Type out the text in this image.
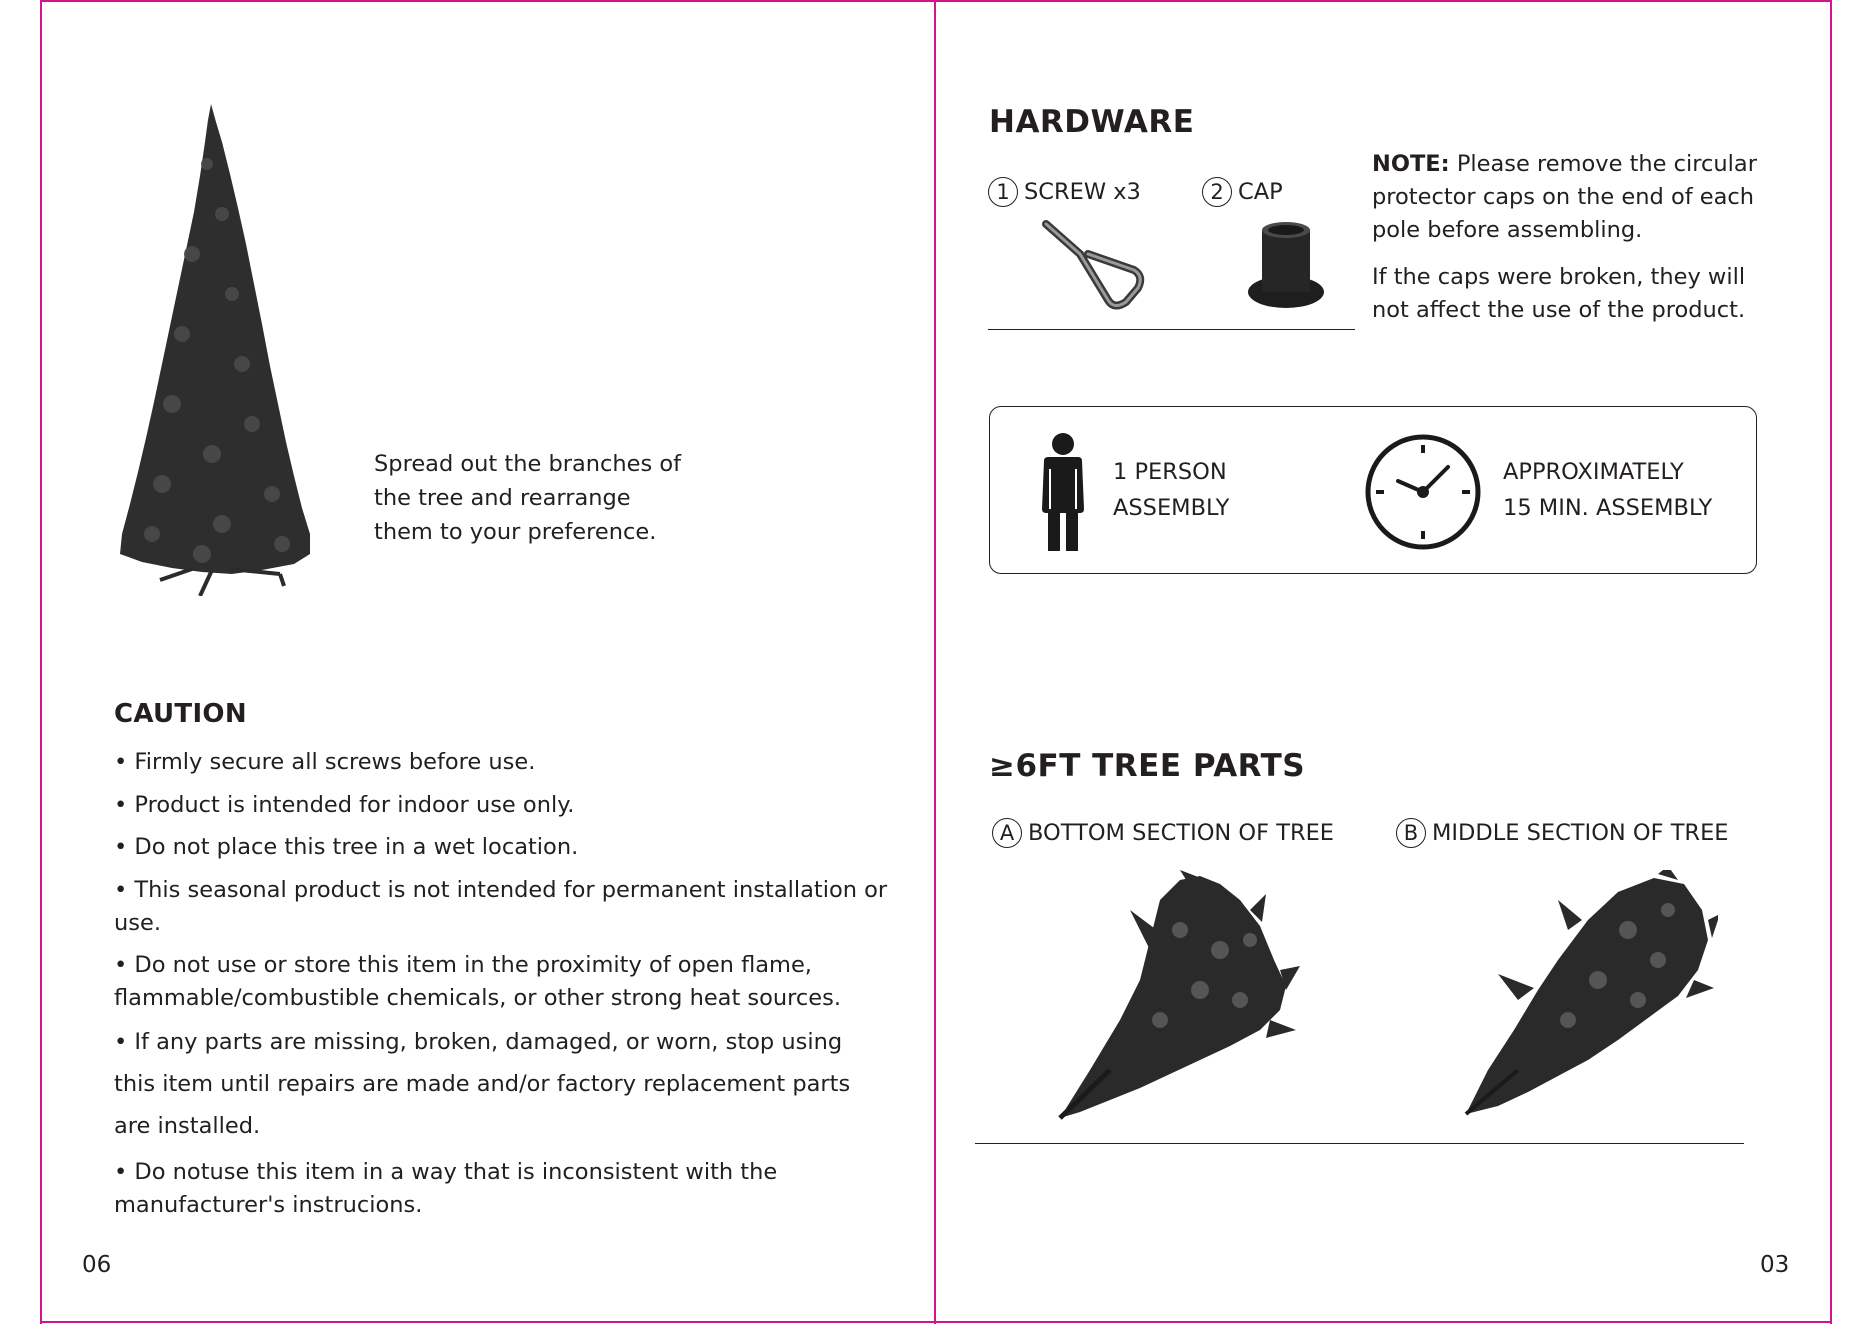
Spread out the branches of

the tree and rearrange

them to your preference.

CAUTION

• Firmly secure all screws before use.

• Product is intended for indoor use only.

• Do not place this tree in a wet location.

• This seasonal product is not intended for permanent installation or use.

• Do not use or store this item in the proximity of open flame, flammable/combustible chemicals, or other strong heat sources.

• If any parts are missing, broken, damaged, or worn, stop using this item until repairs are made and/or factory replacement parts are installed.

• Do notuse this item in a way that is inconsistent with the manufacturer's instrucions.

06
HARDWARE
1 SCREW x3	2 CAP

NOTE: Please remove the circular protector caps on the end of each pole before assembling.

If the caps were broken, they will not affect the use of the product.

1 PERSON

ASSEMBLY

APPROXIMATELY

15 MIN. ASSEMBLY

≥6FT TREE PARTS
A BOTTOM SECTION OF TREE	B MIDDLE SECTION OF TREE
03
